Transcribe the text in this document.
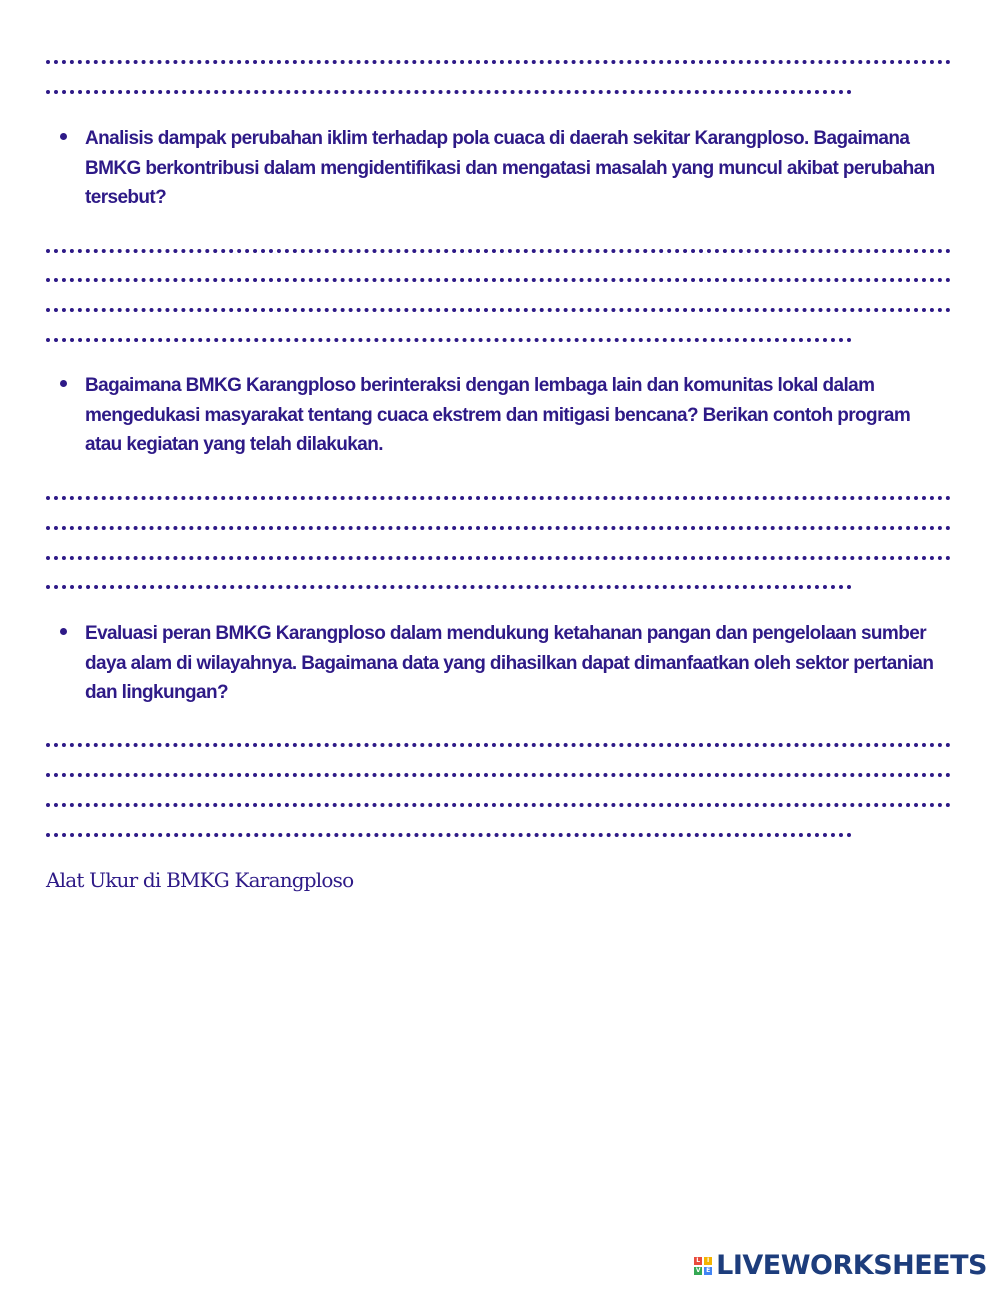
Analisis dampak perubahan iklim terhadap pola cuaca di daerah sekitar Karangploso. Bagaimana BMKG berkontribusi dalam mengidentifikasi dan mengatasi masalah yang muncul akibat perubahan tersebut?
Bagaimana BMKG Karangploso berinteraksi dengan lembaga lain dan komunitas lokal dalam mengedukasi masyarakat tentang cuaca ekstrem dan mitigasi bencana? Berikan contoh program atau kegiatan yang telah dilakukan.
Evaluasi peran BMKG Karangploso dalam mendukung ketahanan pangan dan pengelolaan sumber daya alam di wilayahnya. Bagaimana data yang dihasilkan dapat dimanfaatkan oleh sektor pertanian dan lingkungan?
Alat Ukur di BMKG Karangploso
L	I
V E LIVEWORKSHEETS
